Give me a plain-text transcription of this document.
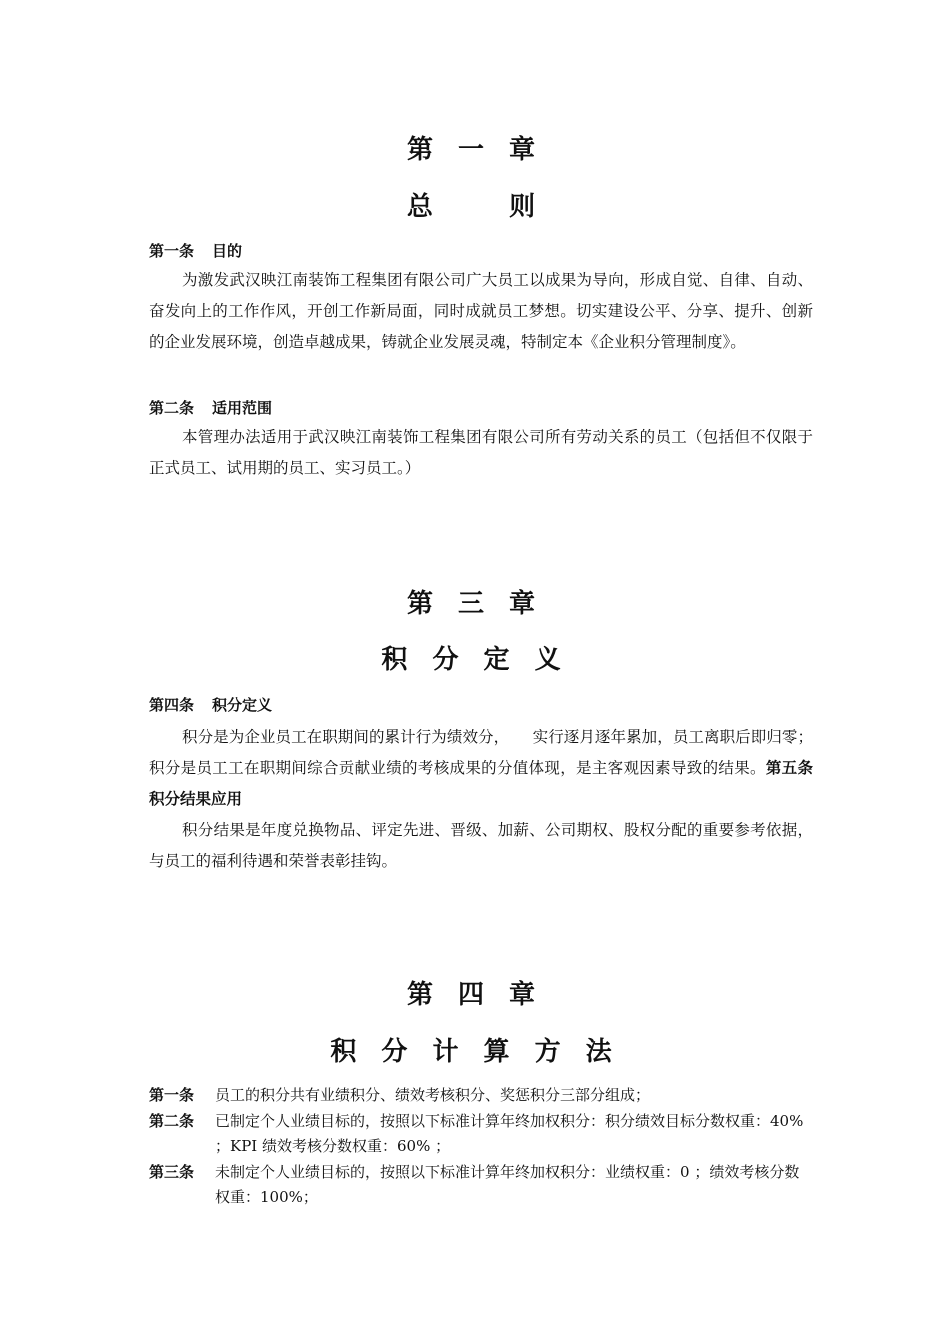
第 一 章
总    则
第一条 目的
为激发武汉映江南装饰工程集团有限公司广大员工以成果为导向，形成自觉、自律、自动、奋发向上的工作作风，开创工作新局面，同时成就员工梦想。切实建设公平、分享、提升、创新的企业发展环境，创造卓越成果，铸就企业发展灵魂，特制定本《企业积分管理制度》。
第二条 适用范围
本管理办法适用于武汉映江南装饰工程集团有限公司所有劳动关系的员工（包括但不仅限于正式员工、试用期的员工、实习员工。）
第 三 章
积 分 定 义
第四条 积分定义
积分是为企业员工在职期间的累计行为绩效分，　　实行逐月逐年累加，员工离职后即归零；积分是员工工在职期间综合贡献业绩的考核成果的分值体现，是主客观因素导致的结果。第五条　积分结果应用
积分结果是年度兑换物品、评定先进、晋级、加薪、公司期权、股权分配的重要参考依据，与员工的福利待遇和荣誉表彰挂钩。
第 四 章
积 分 计 算 方 法
第一条 员工的积分共有业绩积分、绩效考核积分、奖惩积分三部分组成；
第二条 已制定个人业绩目标的，按照以下标准计算年终加权积分：积分绩效目标分数权重：40% ；KPI 绩效考核分数权重：60% ；
第三条 未制定个人业绩目标的，按照以下标准计算年终加权积分：业绩权重：0 ；绩效考核分数权重：100%；
